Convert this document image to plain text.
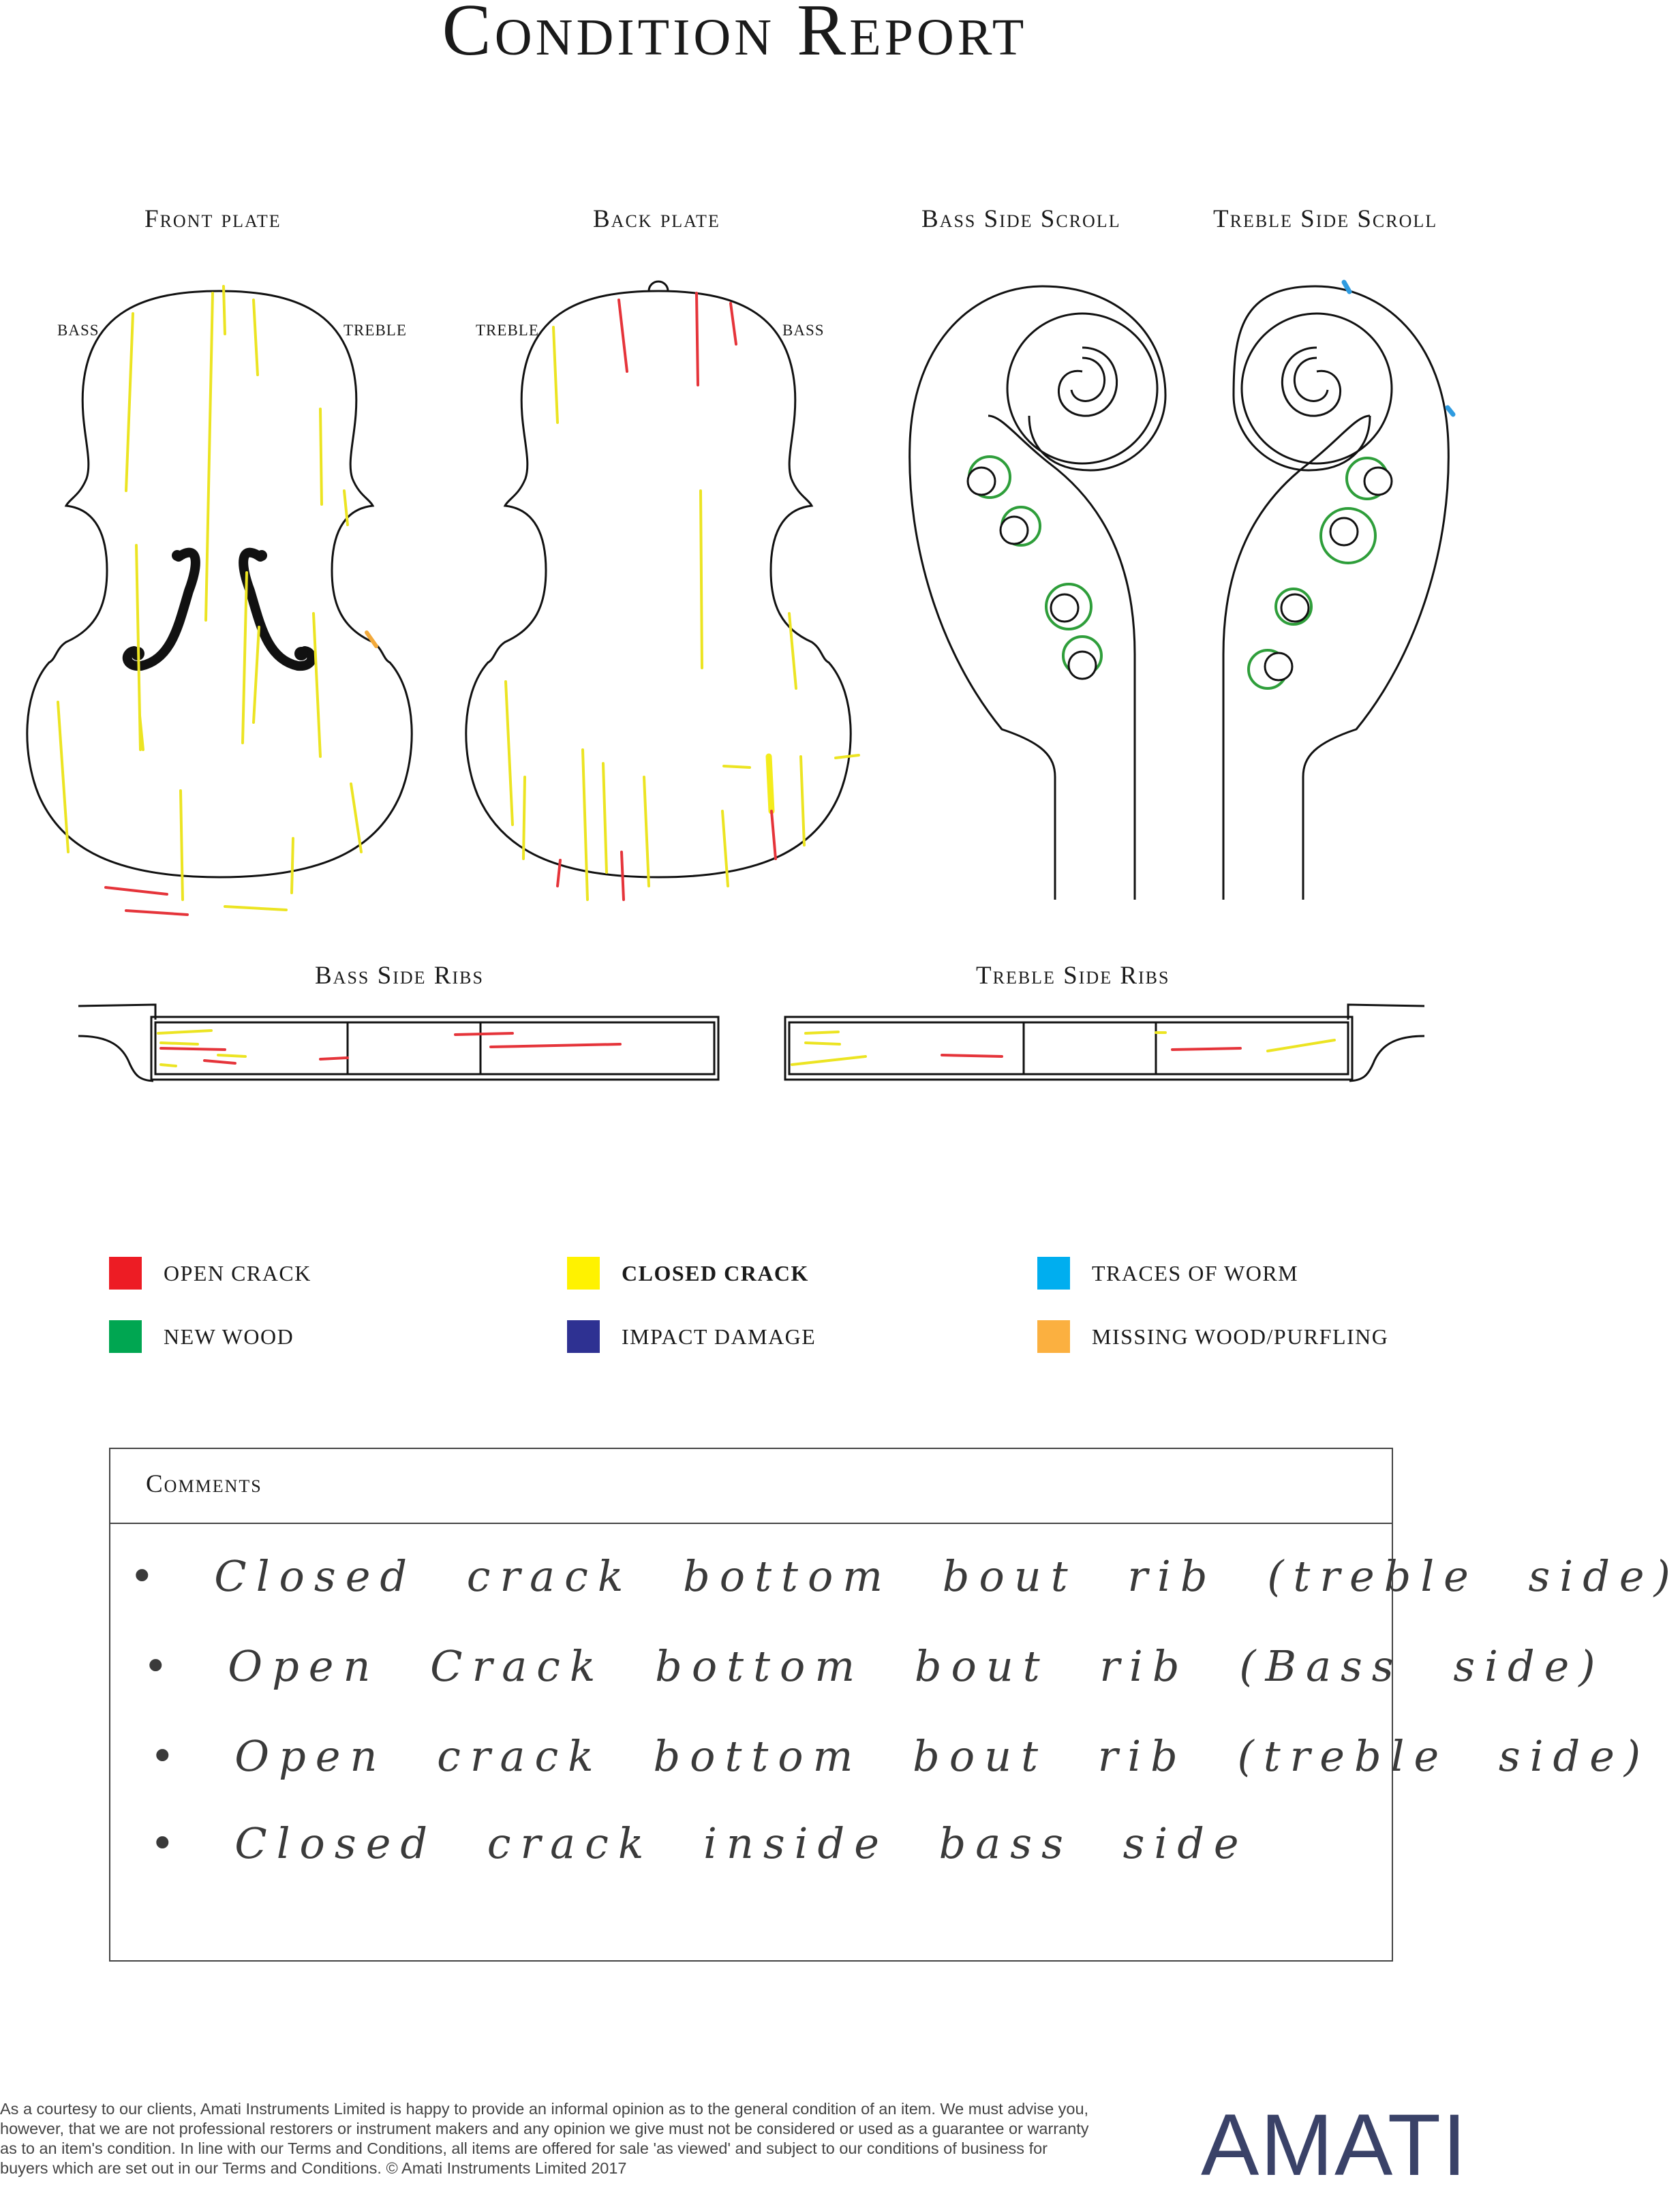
Condition Report
Front plate	Back plate	Bass Side Scroll	Treble Side Scroll
Bass Side Ribs	Treble Side Ribs
BASS	TREBLE	TREBLE	BASS
OPEN CRACK	CLOSED CRACK	TRACES OF WORM
NEW WOOD	IMPACT DAMAGE	MISSING WOOD/PURFLING
Comments
• Closed crack bottom bout rib (treble side)
• Open Crack bottom bout rib (Bass side)
• Open crack bottom bout rib (treble side)
• Closed crack inside bass side
As a courtesy to our clients, Amati Instruments Limited is happy to provide an informal opinion as to the general condition of an item. We must advise you, however, that we are not professional restorers or instrument makers and any opinion we give must not be considered or used as a guarantee or warranty as to an item's condition. In line with our Terms and Conditions, all items are offered for sale 'as viewed' and subject to our conditions of business for buyers which are set out in our Terms and Conditions. © Amati Instruments Limited 2017	AMATI
